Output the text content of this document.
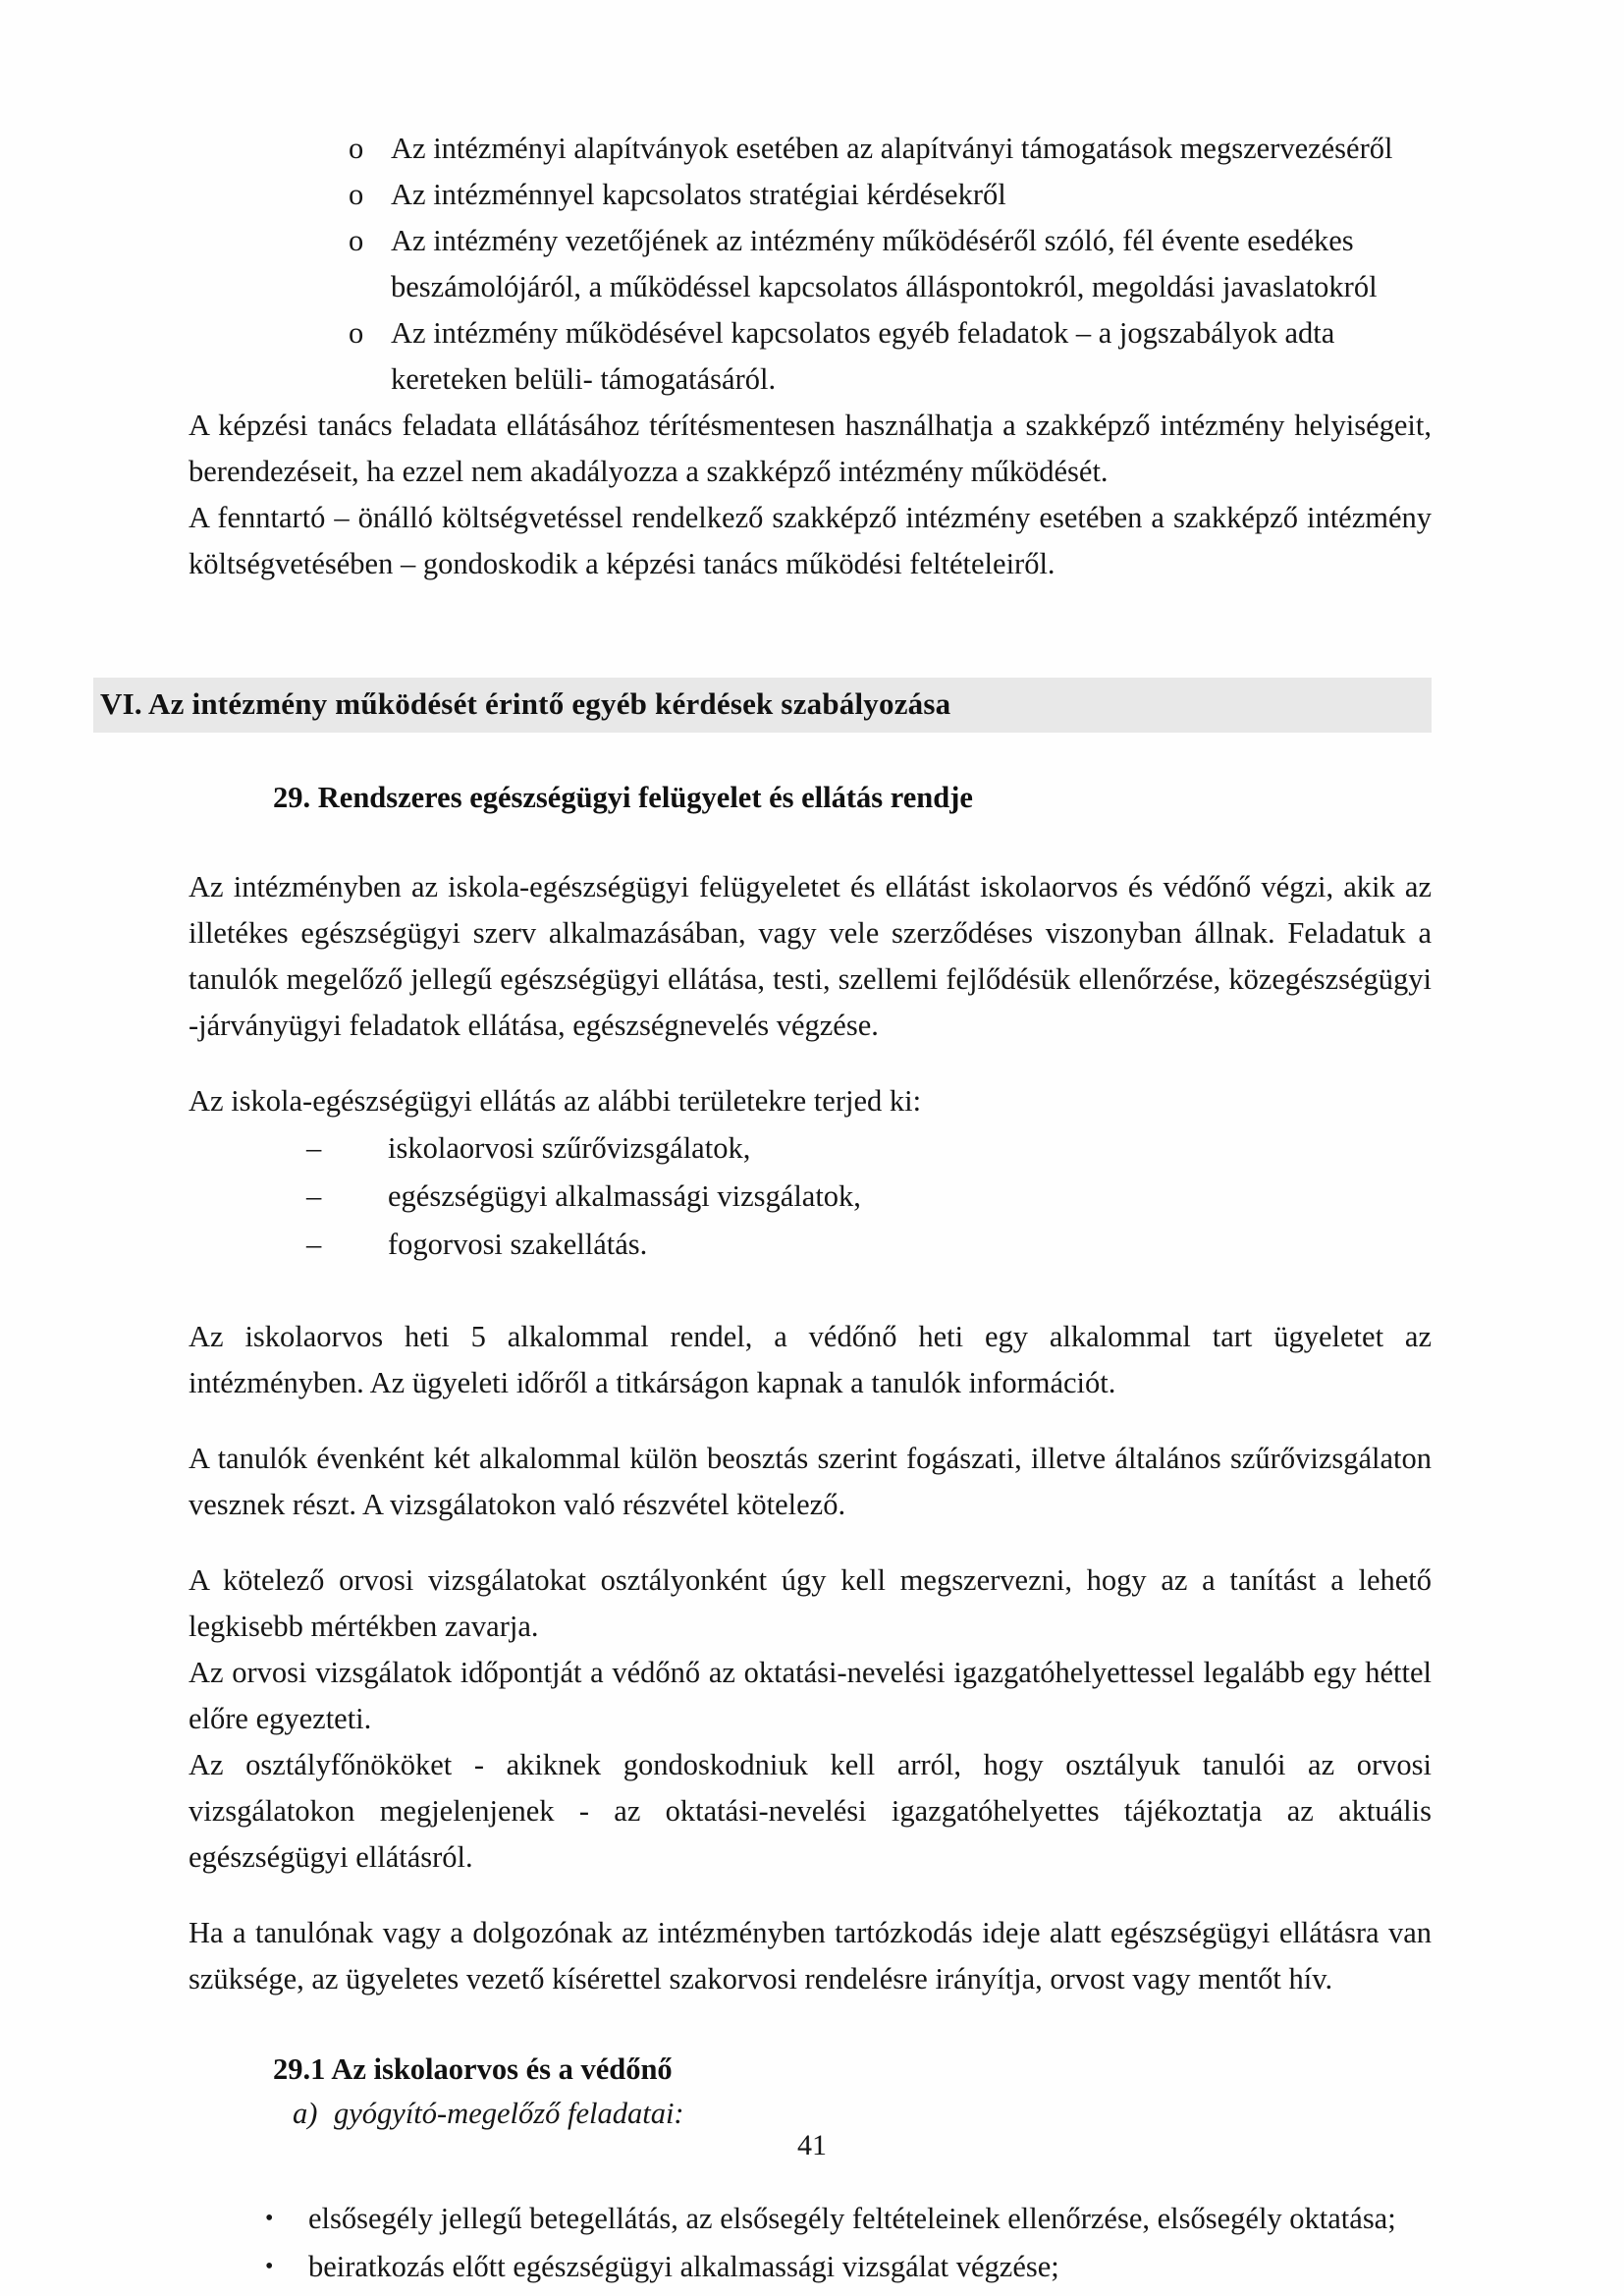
o Az intézményi alapítványok esetében az alapítványi támogatások megszervezéséről
o Az intézménnyel kapcsolatos stratégiai kérdésekről
o Az intézmény vezetőjének az intézmény működéséről szóló, fél évente esedékes beszámolójáról, a működéssel kapcsolatos álláspontokról, megoldási javaslatokról
o Az intézmény működésével kapcsolatos egyéb feladatok – a jogszabályok adta kereteken belüli- támogatásáról.

A képzési tanács feladata ellátásához térítésmentesen használhatja a szakképző intézmény helyiségeit, berendezéseit, ha ezzel nem akadályozza a szakképző intézmény működését.

A fenntartó – önálló költségvetéssel rendelkező szakképző intézmény esetében a szakképző intézmény költségvetésében – gondoskodik a képzési tanács működési feltételeiről.

VI. Az intézmény működését érintő egyéb kérdések szabályozása
29. Rendszeres egészségügyi felügyelet és ellátás rendje

Az intézményben az iskola-egészségügyi felügyeletet és ellátást iskolaorvos és védőnő végzi, akik az illetékes egészségügyi szerv alkalmazásában, vagy vele szerződéses viszonyban állnak. Feladatuk a tanulók megelőző jellegű egészségügyi ellátása, testi, szellemi fejlődésük ellenőrzése, közegészségügyi -járványügyi feladatok ellátása, egészségnevelés végzése.

Az iskola-egészségügyi ellátás az alábbi területekre terjed ki:

– iskolaorvosi szűrővizsgálatok,
– egészségügyi alkalmassági vizsgálatok,
– fogorvosi szakellátás.

Az iskolaorvos heti 5 alkalommal rendel, a védőnő heti egy alkalommal tart ügyeletet az intézményben. Az ügyeleti időről a titkárságon kapnak a tanulók információt.

A tanulók évenként két alkalommal külön beosztás szerint fogászati, illetve általános szűrővizsgálaton vesznek részt. A vizsgálatokon való részvétel kötelező.

A kötelező orvosi vizsgálatokat osztályonként úgy kell megszervezni, hogy az a tanítást a lehető legkisebb mértékben zavarja.

Az orvosi vizsgálatok időpontját a védőnő az oktatási-nevelési igazgatóhelyettessel legalább egy héttel előre egyezteti.

Az osztályfőnököket - akiknek gondoskodniuk kell arról, hogy osztályuk tanulói az orvosi vizsgálatokon megjelenjenek - az oktatási-nevelési igazgatóhelyettes tájékoztatja az aktuális egészségügyi ellátásról.

Ha a tanulónak vagy a dolgozónak az intézményben tartózkodás ideje alatt egészségügyi ellátásra van szüksége, az ügyeletes vezető kísérettel szakorvosi rendelésre irányítja, orvost vagy mentőt hív.

29.1 Az iskolaorvos és a védőnő
a) gyógyító-megelőző feladatai:
• elsősegély jellegű betegellátás, az elsősegély feltételeinek ellenőrzése, elsősegély oktatása;
• beiratkozás előtt egészségügyi alkalmassági vizsgálat végzése;
41
